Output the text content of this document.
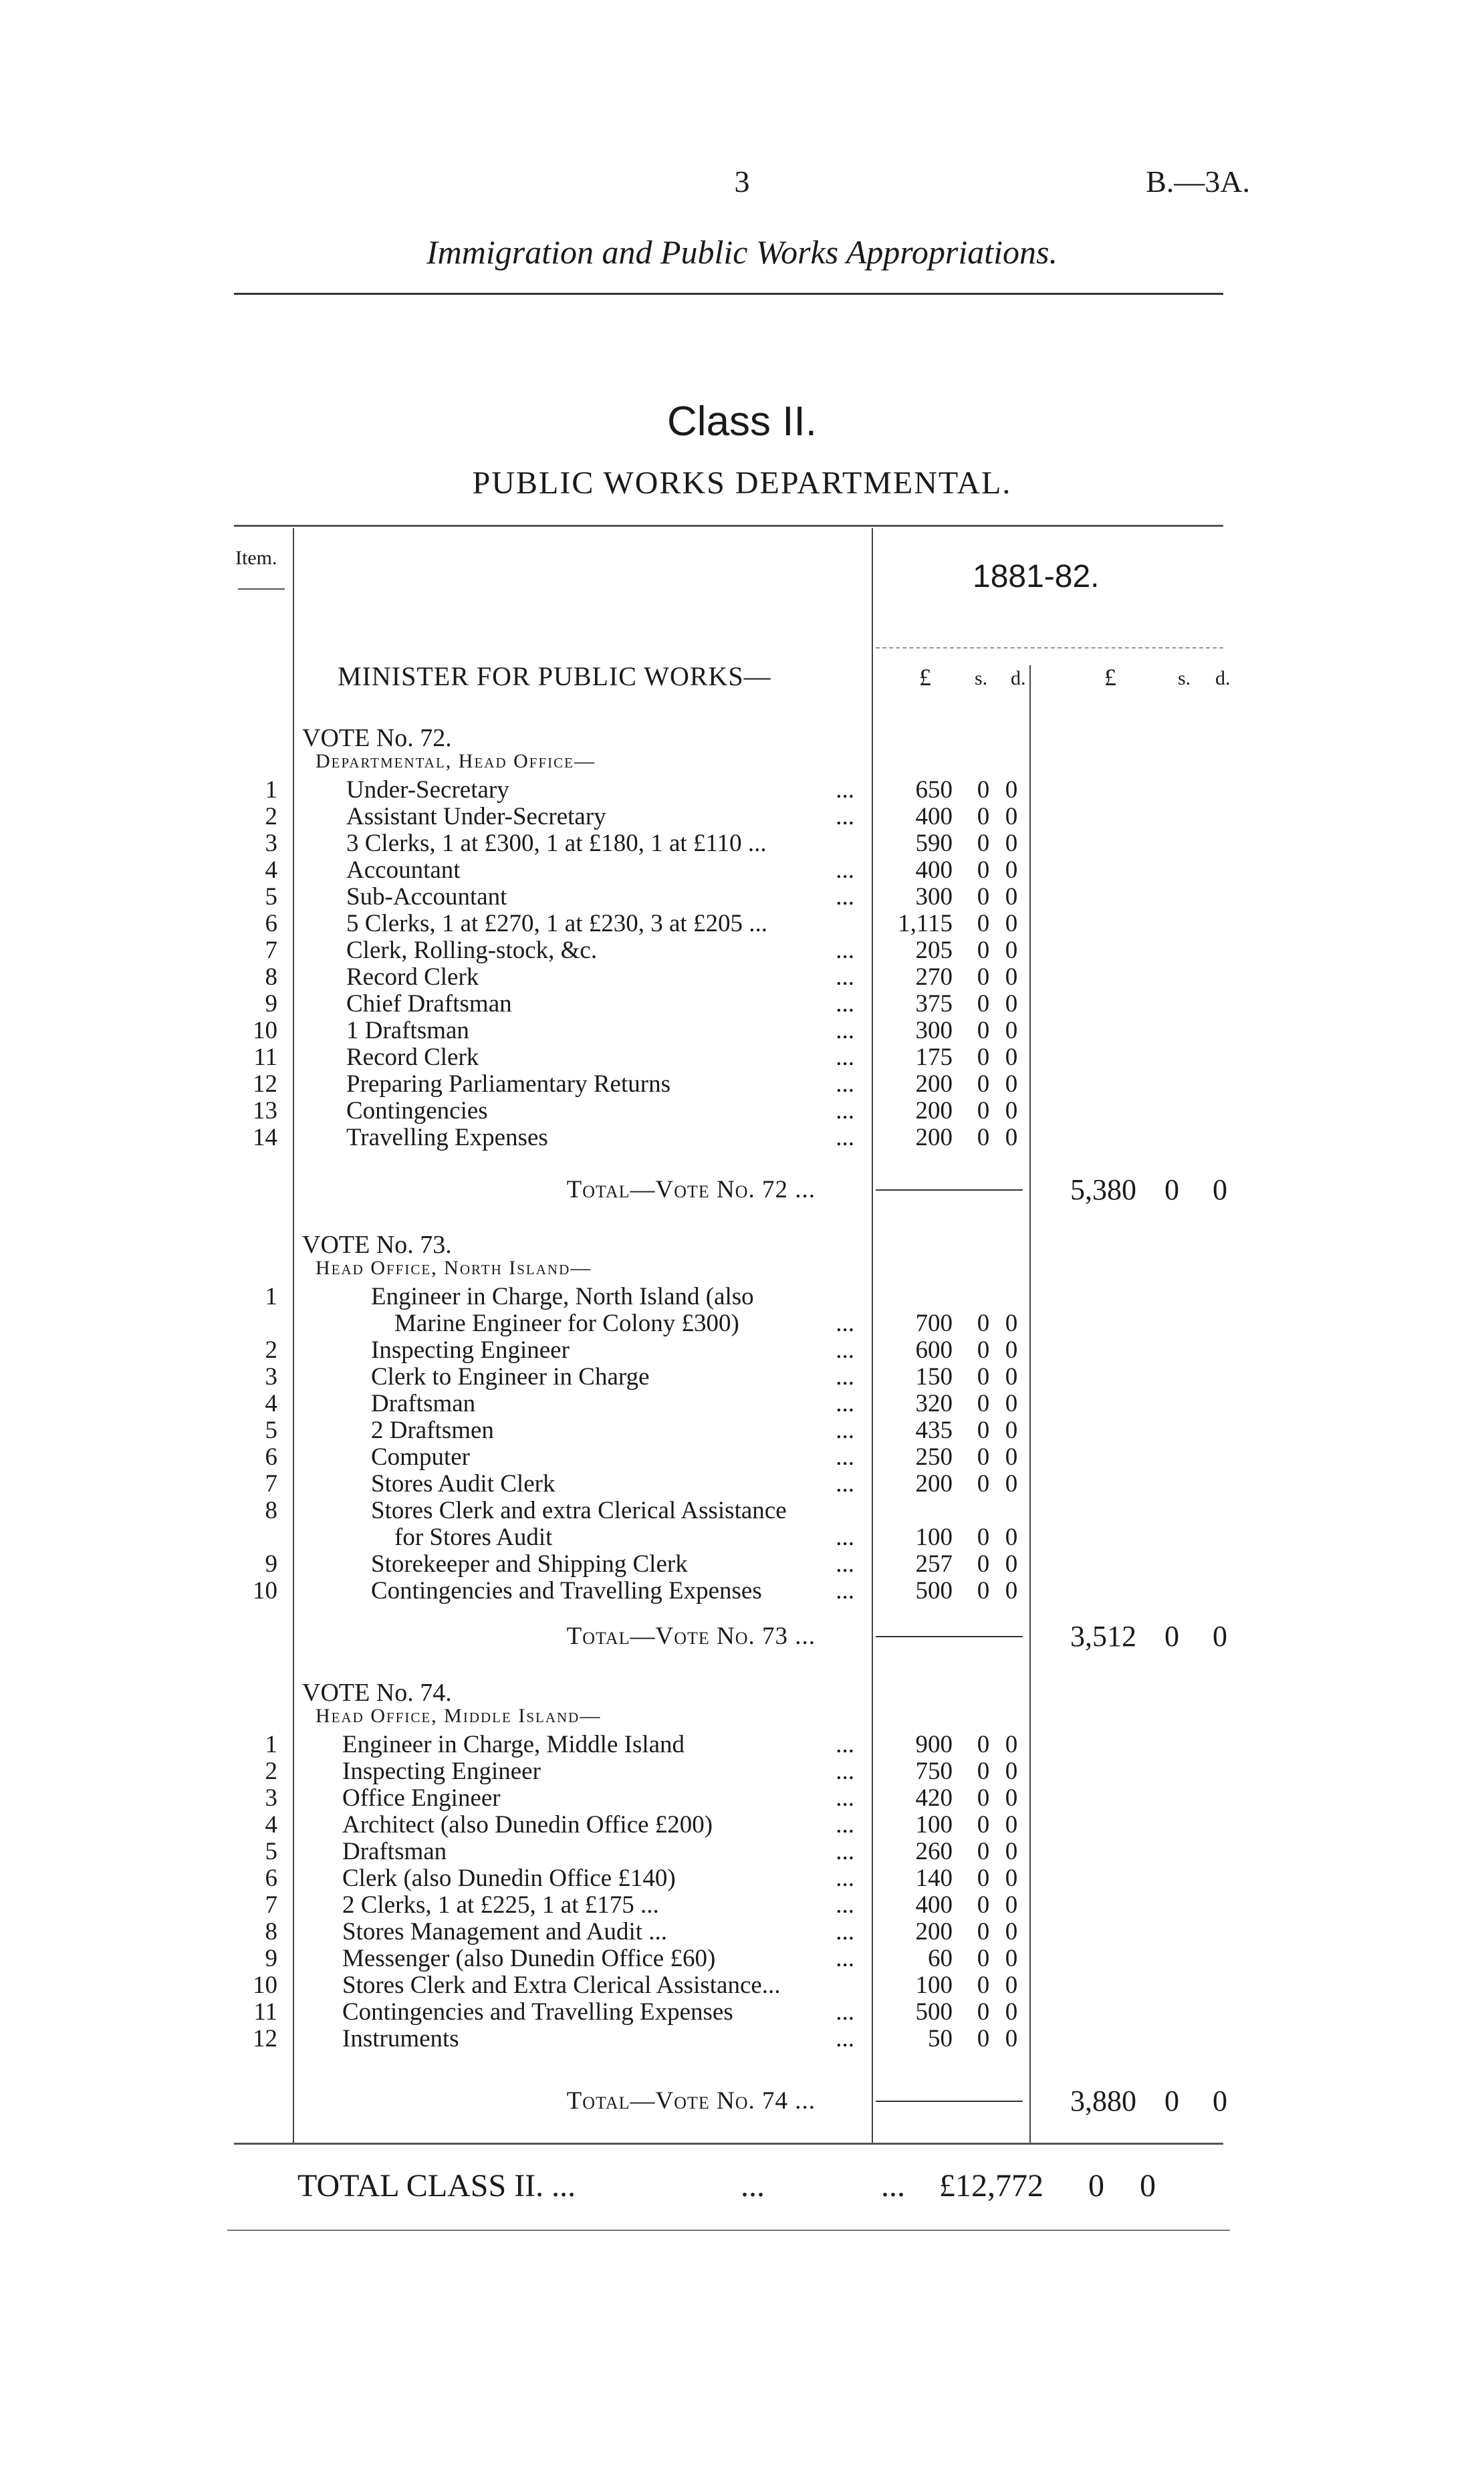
3	B.—3A.
Immigration and Public Works Appropriations.
Class II.
PUBLIC WORKS DEPARTMENTAL.
Item.
1881-82.
£ s. d.	£	s. d.
MINISTER FOR PUBLIC WORKS—
VOTE No. 72.
Departmental, Head Office—
1	Under-Secretary	...	650 0 0
2	Assistant Under-Secretary	...	400 0 0
3	3 Clerks, 1 at £300, 1 at £180, 1 at £110 ...	590 0 0
4	Accountant	...	400 0 0
5	Sub-Accountant	...	300 0 0
6	5 Clerks, 1 at £270, 1 at £230, 3 at £205 ...	1,115 0 0
7	Clerk, Rolling-stock, &c.	...	205 0 0
8	Record Clerk	...	270 0 0
9	Chief Draftsman	...	375 0 0
10	1 Draftsman	...	300 0 0
11	Record Clerk	...	175 0 0
12	Preparing Parliamentary Returns	...	200 0 0
13	Contingencies	...	200 0 0
14	Travelling Expenses	...	200 0 0
Total—Vote No. 72 ...	5,380 0 0
VOTE No. 73.
Head Office, North Island—
1	Engineer in Charge, North Island (also
Marine Engineer for Colony £300)	...	700 0 0
2	Inspecting Engineer	...	600 0 0
3	Clerk to Engineer in Charge	...	150 0 0
4	Draftsman	...	320 0 0
5	2 Draftsmen	...	435 0 0
6	Computer	...	250 0 0
7	Stores Audit Clerk	...	200 0 0
8	Stores Clerk and extra Clerical Assistance
for Stores Audit	...	100 0 0
9	Storekeeper and Shipping Clerk	...	257 0 0
10	Contingencies and Travelling Expenses	...	500 0 0
Total—Vote No. 73 ...	3,512 0 0
VOTE No. 74.
Head Office, Middle Island—
1	Engineer in Charge, Middle Island	...	900 0 0
2	Inspecting Engineer	...	750 0 0
3	Office Engineer	...	420 0 0
4	Architect (also Dunedin Office £200)	...	100 0 0
5	Draftsman	...	260 0 0
6	Clerk (also Dunedin Office £140)	...	140 0 0
7	2 Clerks, 1 at £225, 1 at £175 ...	...	400 0 0
8	Stores Management and Audit ...	...	200 0 0
9	Messenger (also Dunedin Office £60)	...	60 0 0
10	Stores Clerk and Extra Clerical Assistance...	100 0 0
11	Contingencies and Travelling Expenses	...	500 0 0
12	Instruments	...	50 0 0
Total—Vote No. 74 ...	3,880 0 0
TOTAL CLASS II. ...	...	... £12,772 0 0
